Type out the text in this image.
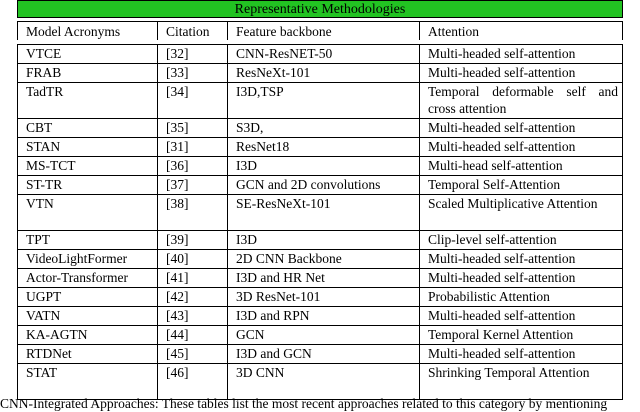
Representative Methodologies
Model Acronyms	Citation	Feature backbone	Attention
VTCE	[32]	CNN-ResNET-50	Multi-headed self-attention
FRAB	[33]	ResNeXt-101	Multi-headed self-attention
TadTR	[34]	I3D,TSP	Temporal deformable self and cross attention
CBT	[35]	S3D,	Multi-headed self-attention
STAN	[31]	ResNet18	Multi-headed self-attention
MS-TCT	[36]	I3D	Multi-head self-attention
ST-TR	[37]	GCN and 2D convolutions	Temporal Self-Attention
VTN	[38]	SE-ResNeXt-101	Scaled Multiplicative Attention
TPT	[39]	I3D	Clip-level self-attention
VideoLightFormer	[40]	2D CNN Backbone	Multi-headed self-attention
Actor-Transformer	[41]	I3D and HR Net	Multi-headed self-attention
UGPT	[42]	3D ResNet-101	Probabilistic Attention
VATN	[43]	I3D and RPN	Multi-headed self-attention
KA-AGTN	[44]	GCN	Temporal Kernel Attention
RTDNet	[45]	I3D and GCN	Multi-headed self-attention
STAT	[46]	3D CNN	Shrinking Temporal Attention
CNN-Integrated Approaches: These tables list the most recent approaches related to this category by mentioning
